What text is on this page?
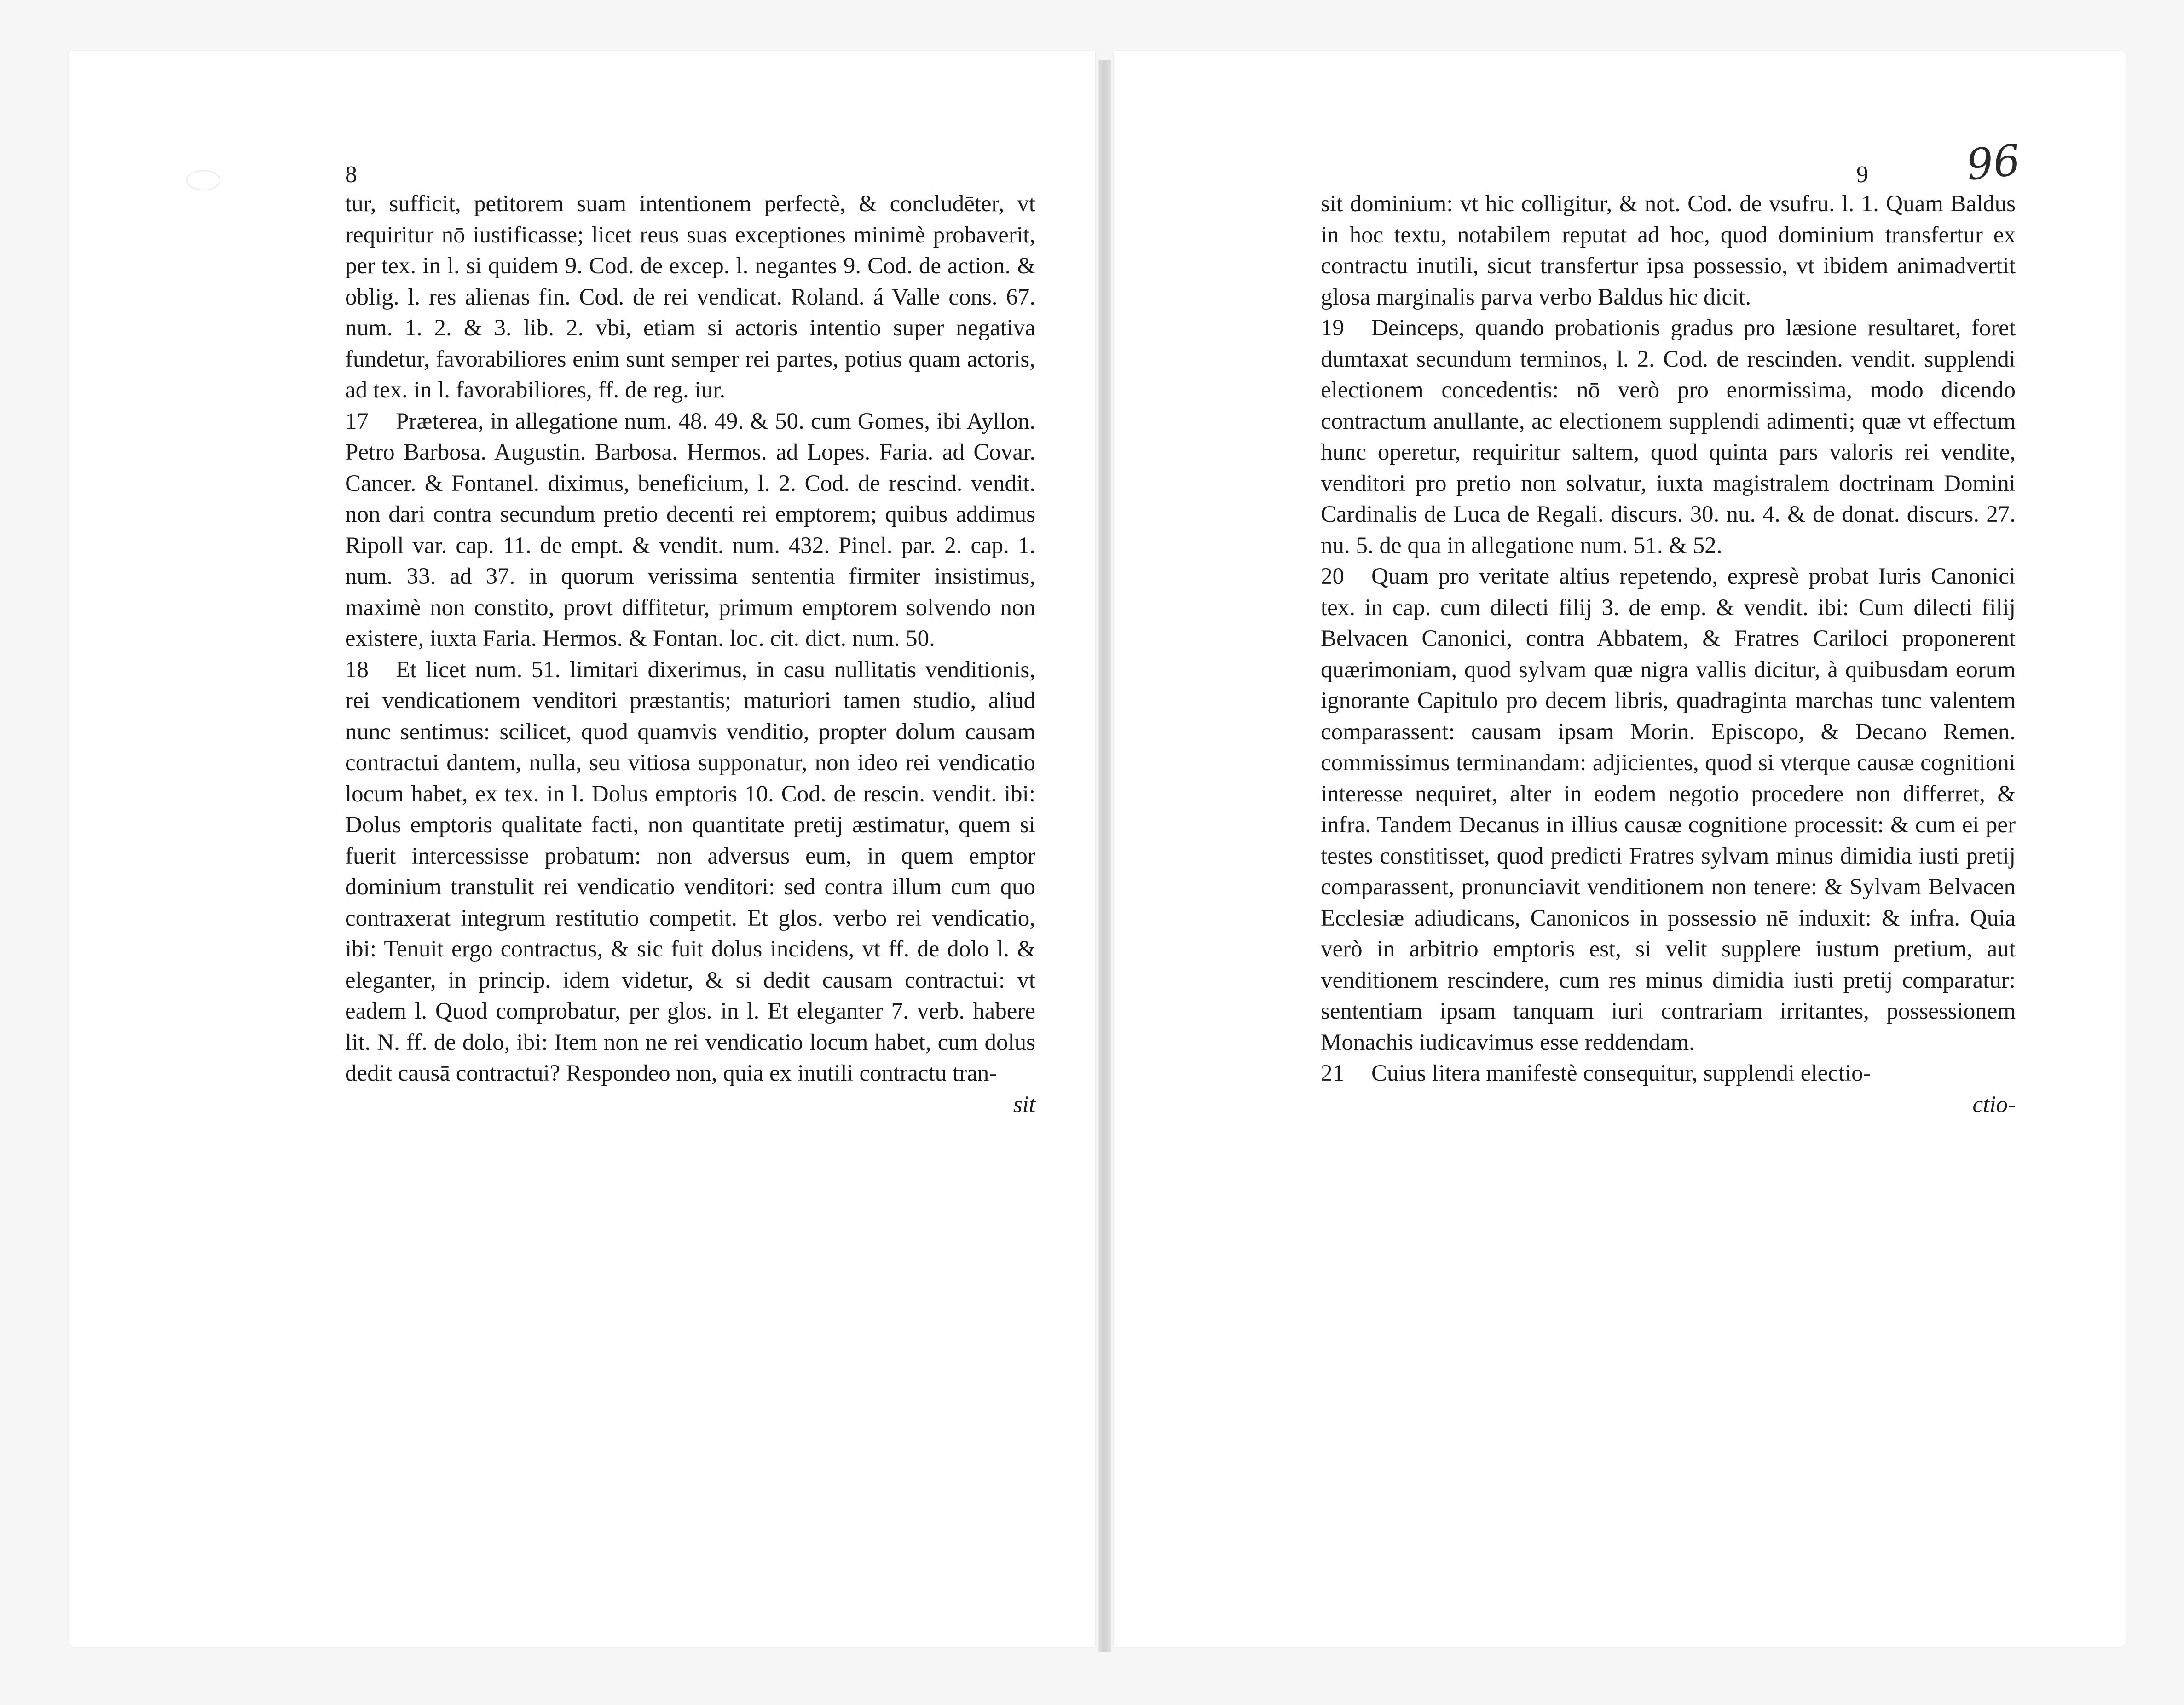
8

tur, sufficit, petitorem suam intentionem perfectè, & concludēter, vt requiritur nō iustificasse; licet reus suas exceptiones minimè probaverit, per tex. in l. si quidem 9. Cod. de excep. l. negantes 9. Cod. de action. & oblig. l. res alienas fin. Cod. de rei vendicat. Roland. á Valle cons. 67. num. 1. 2. & 3. lib. 2. vbi, etiam si actoris intentio super negativa fundetur, favorabiliores enim sunt semper rei partes, potius quam actoris, ad tex. in l. favorabiliores, ff. de reg. iur.

17 Præterea, in allegatione num. 48. 49. & 50. cum Gomes, ibi Ayllon. Petro Barbosa. Augustin. Barbosa. Hermos. ad Lopes. Faria. ad Covar. Cancer. & Fontanel. diximus, beneficium, l. 2. Cod. de rescind. vendit. non dari contra secundum pretio decenti rei emptorem; quibus addimus Ripoll var. cap. 11. de empt. & vendit. num. 432. Pinel. par. 2. cap. 1. num. 33. ad 37. in quorum verissima sententia firmiter insistimus, maximè non constito, provt diffitetur, primum emptorem solvendo non existere, iuxta Faria. Hermos. & Fontan. loc. cit. dict. num. 50.

18 Et licet num. 51. limitari dixerimus, in casu nullitatis venditionis, rei vendicationem venditori præstantis; maturiori tamen studio, aliud nunc sentimus: scilicet, quod quamvis venditio, propter dolum causam contractui dantem, nulla, seu vitiosa supponatur, non ideo rei vendicatio locum habet, ex tex. in l. Dolus emptoris 10. Cod. de rescin. vendit. ibi: Dolus emptoris qualitate facti, non quantitate pretij æstimatur, quem si fuerit intercessisse probatum: non adversus eum, in quem emptor dominium transtulit rei vendicatio venditori: sed contra illum cum quo contraxerat integrum restitutio competit. Et glos. verbo rei vendicatio, ibi: Tenuit ergo contractus, & sic fuit dolus incidens, vt ff. de dolo l. & eleganter, in princip. idem videtur, & si dedit causam contractui: vt eadem l. Quod comprobatur, per glos. in l. Et eleganter 7. verb. habere lit. N. ff. de dolo, ibi: Item non ne rei vendicatio locum habet, cum dolus dedit causā contractui? Respondeo non, quia ex inutili contractu tran-

sit
96
9

sit dominium: vt hic colligitur, & not. Cod. de vsufru. l. 1. Quam Baldus in hoc textu, notabilem reputat ad hoc, quod dominium transfertur ex contractu inutili, sicut transfertur ipsa possessio, vt ibidem animadvertit glosa marginalis parva verbo Baldus hic dicit.

19 Deinceps, quando probationis gradus pro læsione resultaret, foret dumtaxat secundum terminos, l. 2. Cod. de rescinden. vendit. supplendi electionem concedentis: nō verò pro enormissima, modo dicendo contractum anullante, ac electionem supplendi adimenti; quæ vt effectum hunc operetur, requiritur saltem, quod quinta pars valoris rei vendite, venditori pro pretio non solvatur, iuxta magistralem doctrinam Domini Cardinalis de Luca de Regali. discurs. 30. nu. 4. & de donat. discurs. 27. nu. 5. de qua in allegatione num. 51. & 52.

20 Quam pro veritate altius repetendo, expresè probat Iuris Canonici tex. in cap. cum dilecti filij 3. de emp. & vendit. ibi: Cum dilecti filij Belvacen Canonici, contra Abbatem, & Fratres Cariloci proponerent quærimoniam, quod sylvam quæ nigra vallis dicitur, à quibusdam eorum ignorante Capitulo pro decem libris, quadraginta marchas tunc valentem comparassent: causam ipsam Morin. Episcopo, & Decano Remen. commissimus terminandam: adjicientes, quod si vterque causæ cognitioni interesse nequiret, alter in eodem negotio procedere non differret, & infra. Tandem Decanus in illius causæ cognitione processit: & cum ei per testes constitisset, quod predicti Fratres sylvam minus dimidia iusti pretij comparassent, pronunciavit venditionem non tenere: & Sylvam Belvacen Ecclesiæ adiudicans, Canonicos in possessio nē induxit: & infra. Quia verò in arbitrio emptoris est, si velit supplere iustum pretium, aut venditionem rescindere, cum res minus dimidia iusti pretij comparatur: sententiam ipsam tanquam iuri contrariam irritantes, possessionem Monachis iudicavimus esse reddendam.

21 Cuius litera manifestè consequitur, supplendi electio-

ctio-
